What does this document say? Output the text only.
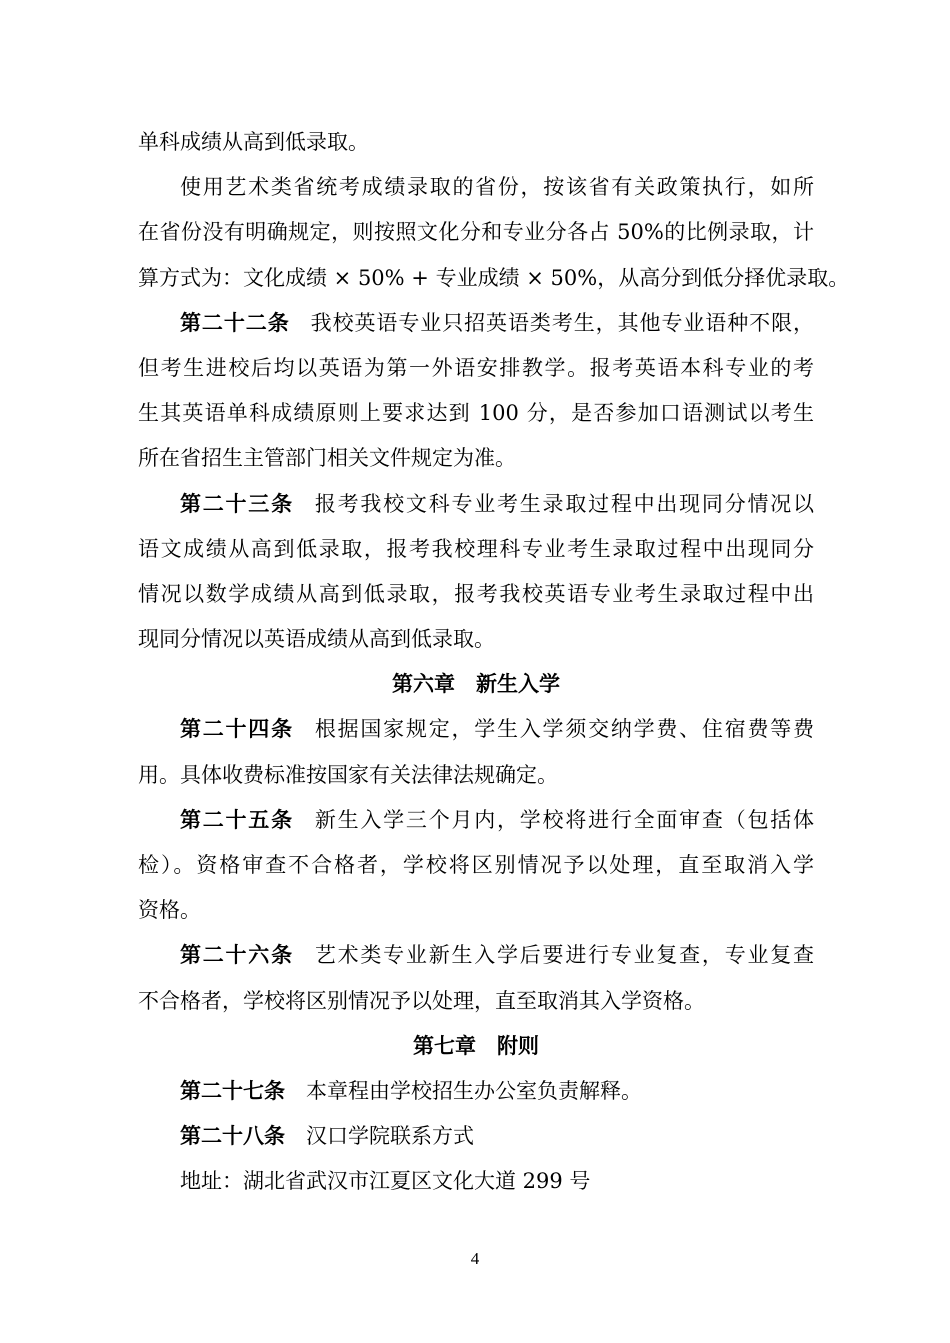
单科成绩从高到低录取。
使用艺术类省统考成绩录取的省份，按该省有关政策执行，如所
在省份没有明确规定，则按照文化分和专业分各占 50%的比例录取，计
算方式为：文化成绩 × 50% + 专业成绩 × 50%，从高分到低分择优录取。
第二十二条 我校英语专业只招英语类考生，其他专业语种不限，
但考生进校后均以英语为第一外语安排教学。报考英语本科专业的考
生其英语单科成绩原则上要求达到 100 分，是否参加口语测试以考生
所在省招生主管部门相关文件规定为准。
第二十三条 报考我校文科专业考生录取过程中出现同分情况以
语文成绩从高到低录取，报考我校理科专业考生录取过程中出现同分
情况以数学成绩从高到低录取，报考我校英语专业考生录取过程中出
现同分情况以英语成绩从高到低录取。
第六章　新生入学
第二十四条 根据国家规定，学生入学须交纳学费、住宿费等费
用。具体收费标准按国家有关法律法规确定。
第二十五条 新生入学三个月内，学校将进行全面审查（包括体
检）。资格审查不合格者，学校将区别情况予以处理，直至取消入学
资格。
第二十六条 艺术类专业新生入学后要进行专业复查，专业复查
不合格者，学校将区别情况予以处理，直至取消其入学资格。
第七章　附则
第二十七条 本章程由学校招生办公室负责解释。
第二十八条 汉口学院联系方式
地址：湖北省武汉市江夏区文化大道 299 号
4
